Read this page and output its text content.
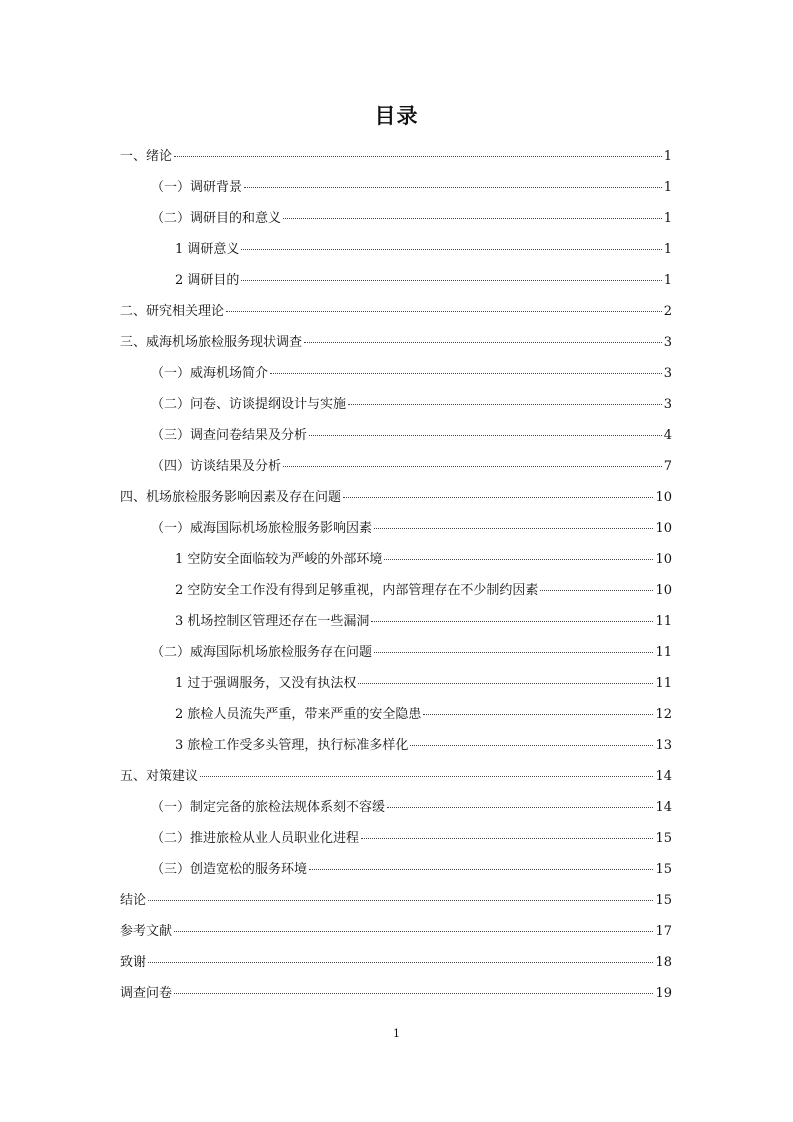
目录
一、绪论	1
（一）调研背景	1
（二）调研目的和意义	1
1 调研意义	1
2 调研目的	1
二、研究相关理论	2
三、威海机场旅检服务现状调查	3
（一）威海机场简介	3
（二）问卷、访谈提纲设计与实施	3
（三）调查问卷结果及分析	4
（四）访谈结果及分析	7
四、机场旅检服务影响因素及存在问题	10
（一）威海国际机场旅检服务影响因素	10
1 空防安全面临较为严峻的外部环境	10
2 空防安全工作没有得到足够重视，内部管理存在不少制约因素	10
3 机场控制区管理还存在一些漏洞	11
（二）威海国际机场旅检服务存在问题	11
1 过于强调服务，又没有执法权	11
2 旅检人员流失严重，带来严重的安全隐患	12
3 旅检工作受多头管理，执行标准多样化	13
五、对策建议	14
（一）制定完备的旅检法规体系刻不容缓	14
（二）推进旅检从业人员职业化进程	15
（三）创造宽松的服务环境	15
结论	15
参考文献	17
致谢	18
调查问卷	19
1
